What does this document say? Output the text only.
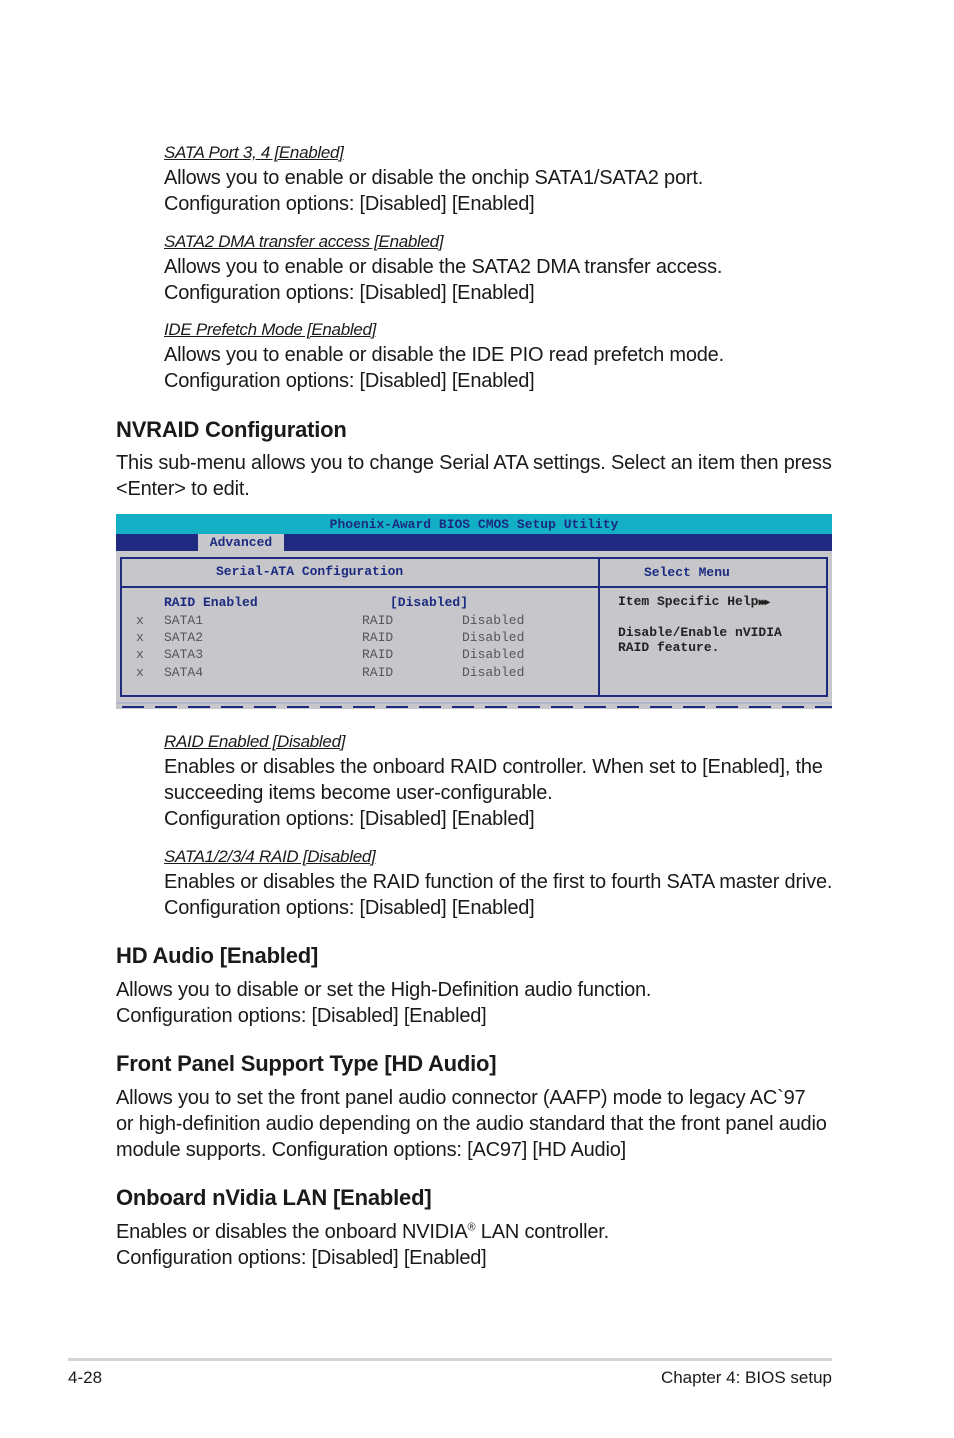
SATA Port 3, 4 [Enabled]
Allows you to enable or disable the onchip SATA1/SATA2 port.
Configuration options: [Disabled] [Enabled]
SATA2 DMA transfer access [Enabled]
Allows you to enable or disable the SATA2 DMA transfer access.
Configuration options: [Disabled] [Enabled]
IDE Prefetch Mode [Enabled]
Allows you to enable or disable the IDE PIO read prefetch mode.
Configuration options: [Disabled] [Enabled]
NVRAID Configuration
This sub-menu allows you to change Serial ATA settings. Select an item then press
<Enter> to edit.
Phoenix-Award BIOS CMOS Setup Utility
Advanced
Serial-ATA Configuration	Select Menu
RAID Enabled	[Disabled]
x SATA1	RAID	Disabled
x SATA2	RAID	Disabled
x SATA3	RAID	Disabled
x SATA4	RAID	Disabled
Item Specific Help▶▶▶
Disable/Enable nVIDIA
RAID feature.
RAID Enabled [Disabled]
Enables or disables the onboard RAID controller. When set to [Enabled], the
succeeding items become user-configurable.
Configuration options: [Disabled] [Enabled]
SATA1/2/3/4 RAID [Disabled]
Enables or disables the RAID function of the first to fourth SATA master drive.
Configuration options: [Disabled] [Enabled]
HD Audio [Enabled]
Allows you to disable or set the High-Definition audio function.
Configuration options: [Disabled] [Enabled]
Front Panel Support Type [HD Audio]
Allows you to set the front panel audio connector (AAFP) mode to legacy AC`97
or high-definition audio depending on the audio standard that the front panel audio
module supports. Configuration options: [AC97] [HD Audio]
Onboard nVidia LAN [Enabled]
Enables or disables the onboard NVIDIA® LAN controller.
Configuration options: [Disabled] [Enabled]
4-28	Chapter 4: BIOS setup
